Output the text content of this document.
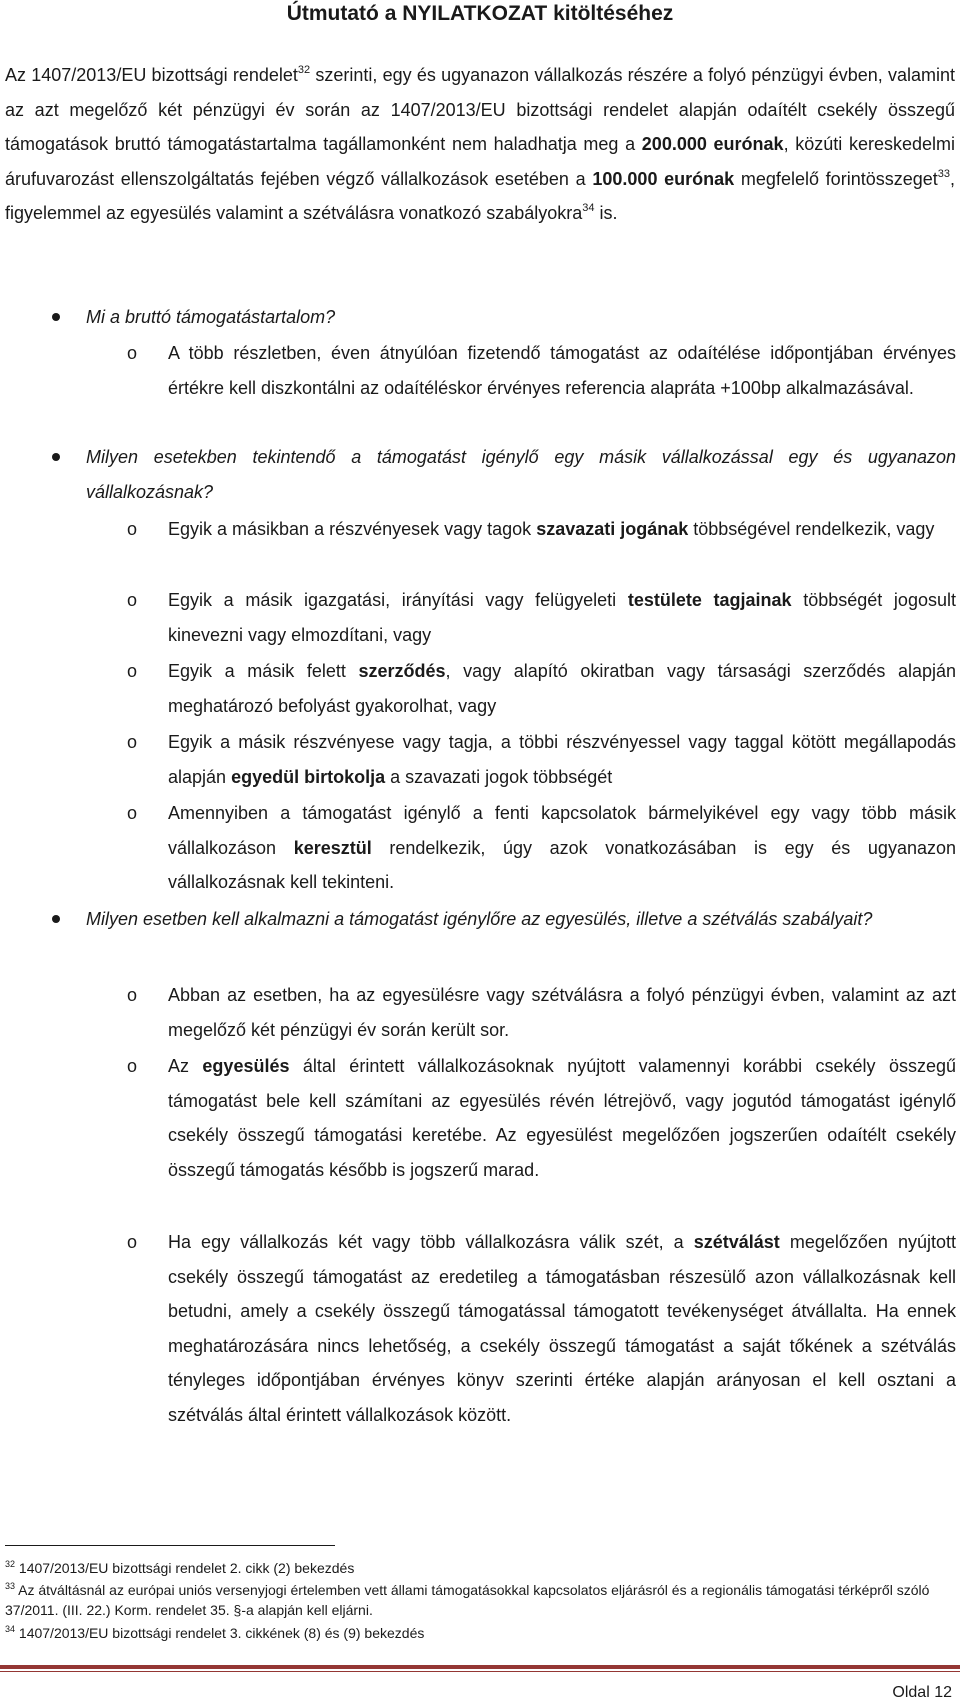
Útmutató a NYILATKOZAT kitöltéséhez
Az 1407/2013/EU bizottsági rendelet$^{32}$ szerinti, egy és ugyanazon vállalkozás részére a folyó pénzügyi évben, valamint az azt megelőző két pénzügyi év során az 1407/2013/EU bizottsági rendelet alapján odaítélt csekély összegű támogatások bruttó támogatástartalma tagállamonként nem haladhatja meg a 200.000 eurónak, közúti kereskedelmi árufuvarozást ellenszolgáltatás fejében végző vállalkozások esetében a 100.000 eurónak megfelelő forintösszeget$^{33}$, figyelemmel az egyesülés valamint a szétválásra vonatkozó szabályokra$^{34}$ is.
Mi a bruttó támogatástartalom?
o A több részletben, éven átnyúlóan fizetendő támogatást az odaítélése időpontjában érvényes értékre kell diszkontálni az odaítéléskor érvényes referencia alapráta +100bp alkalmazásával.
Milyen esetekben tekintendő a támogatást igénylő egy másik vállalkozással egy és ugyanazon vállalkozásnak?
o Egyik a másikban a részvényesek vagy tagok szavazati jogának többségével rendelkezik, vagy
o Egyik a másik igazgatási, irányítási vagy felügyeleti testülete tagjainak többségét jogosult kinevezni vagy elmozdítani, vagy
o Egyik a másik felett szerződés, vagy alapító okiratban vagy társasági szerződés alapján meghatározó befolyást gyakorolhat, vagy
o Egyik a másik részvényese vagy tagja, a többi részvényessel vagy taggal kötött megállapodás alapján egyedül birtokolja a szavazati jogok többségét
o Amennyiben a támogatást igénylő a fenti kapcsolatok bármelyikével egy vagy több másik vállalkozáson keresztül rendelkezik, úgy azok vonatkozásában is egy és ugyanazon vállalkozásnak kell tekinteni.
Milyen esetben kell alkalmazni a támogatást igénylőre az egyesülés, illetve a szétválás szabályait?
o Abban az esetben, ha az egyesülésre vagy szétválásra a folyó pénzügyi évben, valamint az azt megelőző két pénzügyi év során került sor.
o Az egyesülés által érintett vállalkozásoknak nyújtott valamennyi korábbi csekély összegű támogatást bele kell számítani az egyesülés révén létrejövő, vagy jogutód támogatást igénylő csekély összegű támogatási keretébe. Az egyesülést megelőzően jogszerűen odaítélt csekély összegű támogatás később is jogszerű marad.
o Ha egy vállalkozás két vagy több vállalkozásra válik szét, a szétválást megelőzően nyújtott csekély összegű támogatást az eredetileg a támogatásban részesülő azon vállalkozásnak kell betudni, amely a csekély összegű támogatással támogatott tevékenységet átvállalta. Ha ennek meghatározására nincs lehetőség, a csekély összegű támogatást a saját tőkének a szétválás tényleges időpontjában érvényes könyv szerinti értéke alapján arányosan el kell osztani a szétválás által érintett vállalkozások között.
$^{32}$ 1407/2013/EU bizottsági rendelet 2. cikk (2) bekezdés
$^{33}$ Az átváltásnál az európai uniós versenyjogi értelemben vett állami támogatásokkal kapcsolatos eljárásról és a regionális támogatási térképről szóló 37/2011. (III. 22.) Korm. rendelet 35. §-a alapján kell eljárni.
$^{34}$ 1407/2013/EU bizottsági rendelet 3. cikkének (8) és (9) bekezdés
Oldal 12
